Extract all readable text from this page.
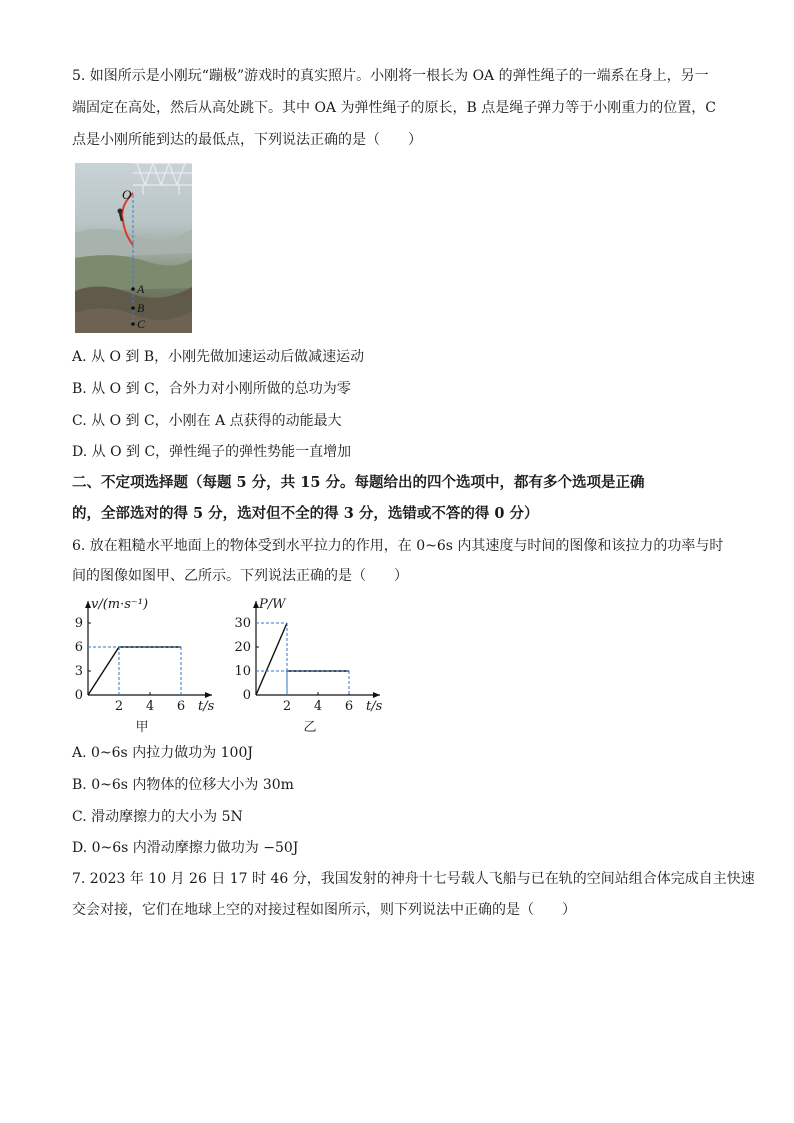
5. 如图所示是小刚玩“蹦极”游戏时的真实照片。小刚将一根长为 OA 的弹性绳子的一端系在身上，另一
端固定在高处，然后从高处跳下。其中 OA 为弹性绳子的原长，B 点是绳子弹力等于小刚重力的位置，C
点是小刚所能到达的最低点，下列说法正确的是（　　）
O
A
B
C
A. 从 O 到 B，小刚先做加速运动后做减速运动
B. 从 O 到 C，合外力对小刚所做的总功为零
C. 从 O 到 C，小刚在 A 点获得的动能最大
D. 从 O 到 C，弹性绳子的弹性势能一直增加
二、不定项选择题（每题 5 分，共 15 分。每题给出的四个选项中，都有多个选项是正确
的，全部选对的得 5 分，选对但不全的得 3 分，选错或不答的得 0 分）
6. 放在粗糙水平地面上的物体受到水平拉力的作用，在 0~6s 内其速度与时间的图像和该拉力的功率与时
间的图像如图甲、乙所示。下列说法正确的是（　　）
2 4 6
3
6
9
0
v/(m·s⁻¹)
t/s
甲
2 4 6
10
20
30
0
P/W
t/s
乙
A. 0~6s 内拉力做功为 100J
B. 0~6s 内物体的位移大小为 30m
C. 滑动摩擦力的大小为 5N
D. 0~6s 内滑动摩擦力做功为 −50J
7. 2023 年 10 月 26 日 17 时 46 分，我国发射的神舟十七号载人飞船与已在轨的空间站组合体完成自主快速
交会对接，它们在地球上空的对接过程如图所示，则下列说法中正确的是（　　）
